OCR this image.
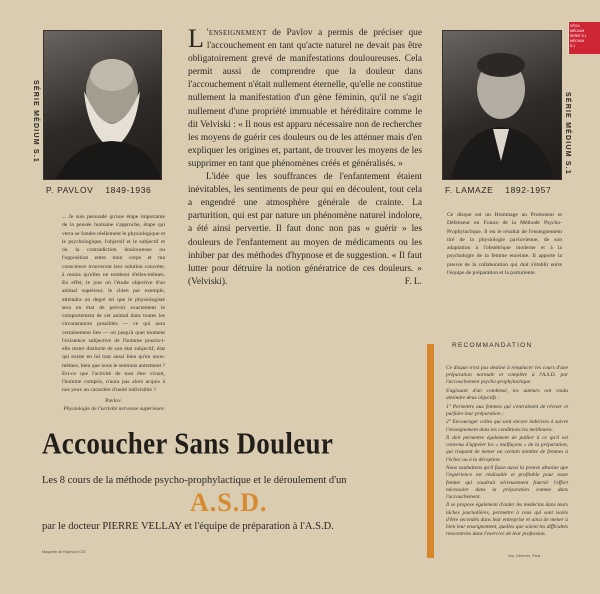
SÉRIE MÉDIUM S.1
P. PAVLOV 1849-1936

... Je suis persuadé qu'une étape importante de la pensée humaine s'approche, étape qui verra se fondre réellement le physiologique et le psychologique, l'objectif et le subjectif et où la contradiction douloureuse ou l'opposition entre mon corps et ma conscience trouveront leur solution concrète, à moins qu'elles ne tombent d'elles-mêmes. En effet, le jour où l'étude objective d'un animal supérieur, le chien par exemple, atteindra un degré tel que le physiologiste sera en état de prévoir exactement le comportement de cet animal dans toutes les circonstances possibles — ce qui aura certainement lieu — où jusqu'à quel moment l'existence subjective de l'homme pourra-t-elle rester distincte de son état subjectif, état qui existe en lui tout aussi bien qu'en nous-mêmes, bien que nous le sentions autrement ? Est-ce que l'activité de tout être vivant, l'homme compris, n'aura pas alors acquis à nos yeux un caractère d'unité indivisible ?

Pavlov.

Physiologie de l'activité nerveuse supérieure.

L 'enseignement de Pavlov a permis de préciser que l'accouchement en tant qu'acte naturel ne devait pas être obligatoirement grevé de manifestations douloureuses. Cela permit aussi de comprendre que la douleur dans l'accouchement n'était nullement éternelle, qu'elle ne constitue nullement la manifestation d'un gène féminin, qu'il ne s'agit nullement d'une propriété immuable et héréditaire comme le dit Velviski : « Il nous est apparu nécessaire non de rechercher les moyens de guérir ces douleurs ou de les atténuer mais d'en expliquer les origines et, partant, de trouver les moyens de les supprimer en tant que phénomènes créés et généralisés. »

L'idée que les souffrances de l'enfantement étaient inévitables, les sentiments de peur qui en découlent, tout cela a engendré une atmosphère générale de crainte. La parturition, qui est par nature un phénomène naturel indolore, a été ainsi pervertie. Il faut donc non pas « guérir » les douleurs de l'enfantement au moyen de médicaments ou les inhiber par des méthodes d'hypnose et de suggestion. « Il faut lutter pour détruire la notion génératrice de ces douleurs. » (Velviski).	F. L.

SÉRIE MÉDIUM S.1
VÉGA
MÉDIUM
SERIE S.1
MEDIUM
S.1
F. LAMAZE 1892-1957
Ce disque est un Hommage au Promoteur et Défenseur en France de la Méthode Psycho-Prophylactique. Il est le résultat de l'enseignement tiré de la physiologie pavlovienne, de son adaptation à l'obstétrique moderne et à la psychologie de la femme enceinte. Il apporte la preuve de la collaboration qui doit s'établir entre l'équipe de préparation et la parturiente.
RECOMMANDATION

Ce disque n'est pas destiné à remplacer les cours d'une préparation normale et complète à l'A.S.D. par l'accouchement psycho-prophylactique.

S'agissant d'un condensé, les auteurs ont voulu atteindre deux objectifs :

1° Permettre aux femmes qui s'entraînent de réviser et parfaire leur préparation ;

2° Encourager celles qui sont encore indécises à suivre l'enseignement dans les conditions les meilleures.

Il doit permettre également de pallier à ce qu'il est convenu d'appeler les « malfaçons » de la préparation, qui risquent de mener un certain nombre de femmes à l'échec ou à la déception.

Nous souhaitons qu'il fasse aussi la preuve absolue que l'expérience est réalisable et profitable pour toute femme qui voudrait sérieusement fournir l'effort nécessaire dans la préparation comme dans l'accouchement.

Il se propose également d'aider les médecins dans leurs tâches journalières, permettre à ceux qui sont isolés d'être secondés dans leur entreprise et ainsi de mener à bien leur enseignement, quelles que soient les difficultés rencontrées dans l'exercice de leur profession.

Accoucher Sans Douleur
Les 8 cours de la méthode psycho-prophylactique et le déroulement d'un
A.S.D.
par le docteur PIERRE VELLAY et l'équipe de préparation à l'A.S.D.
Maquette de Raymond CID
Imp. Cintrexin, Paris
